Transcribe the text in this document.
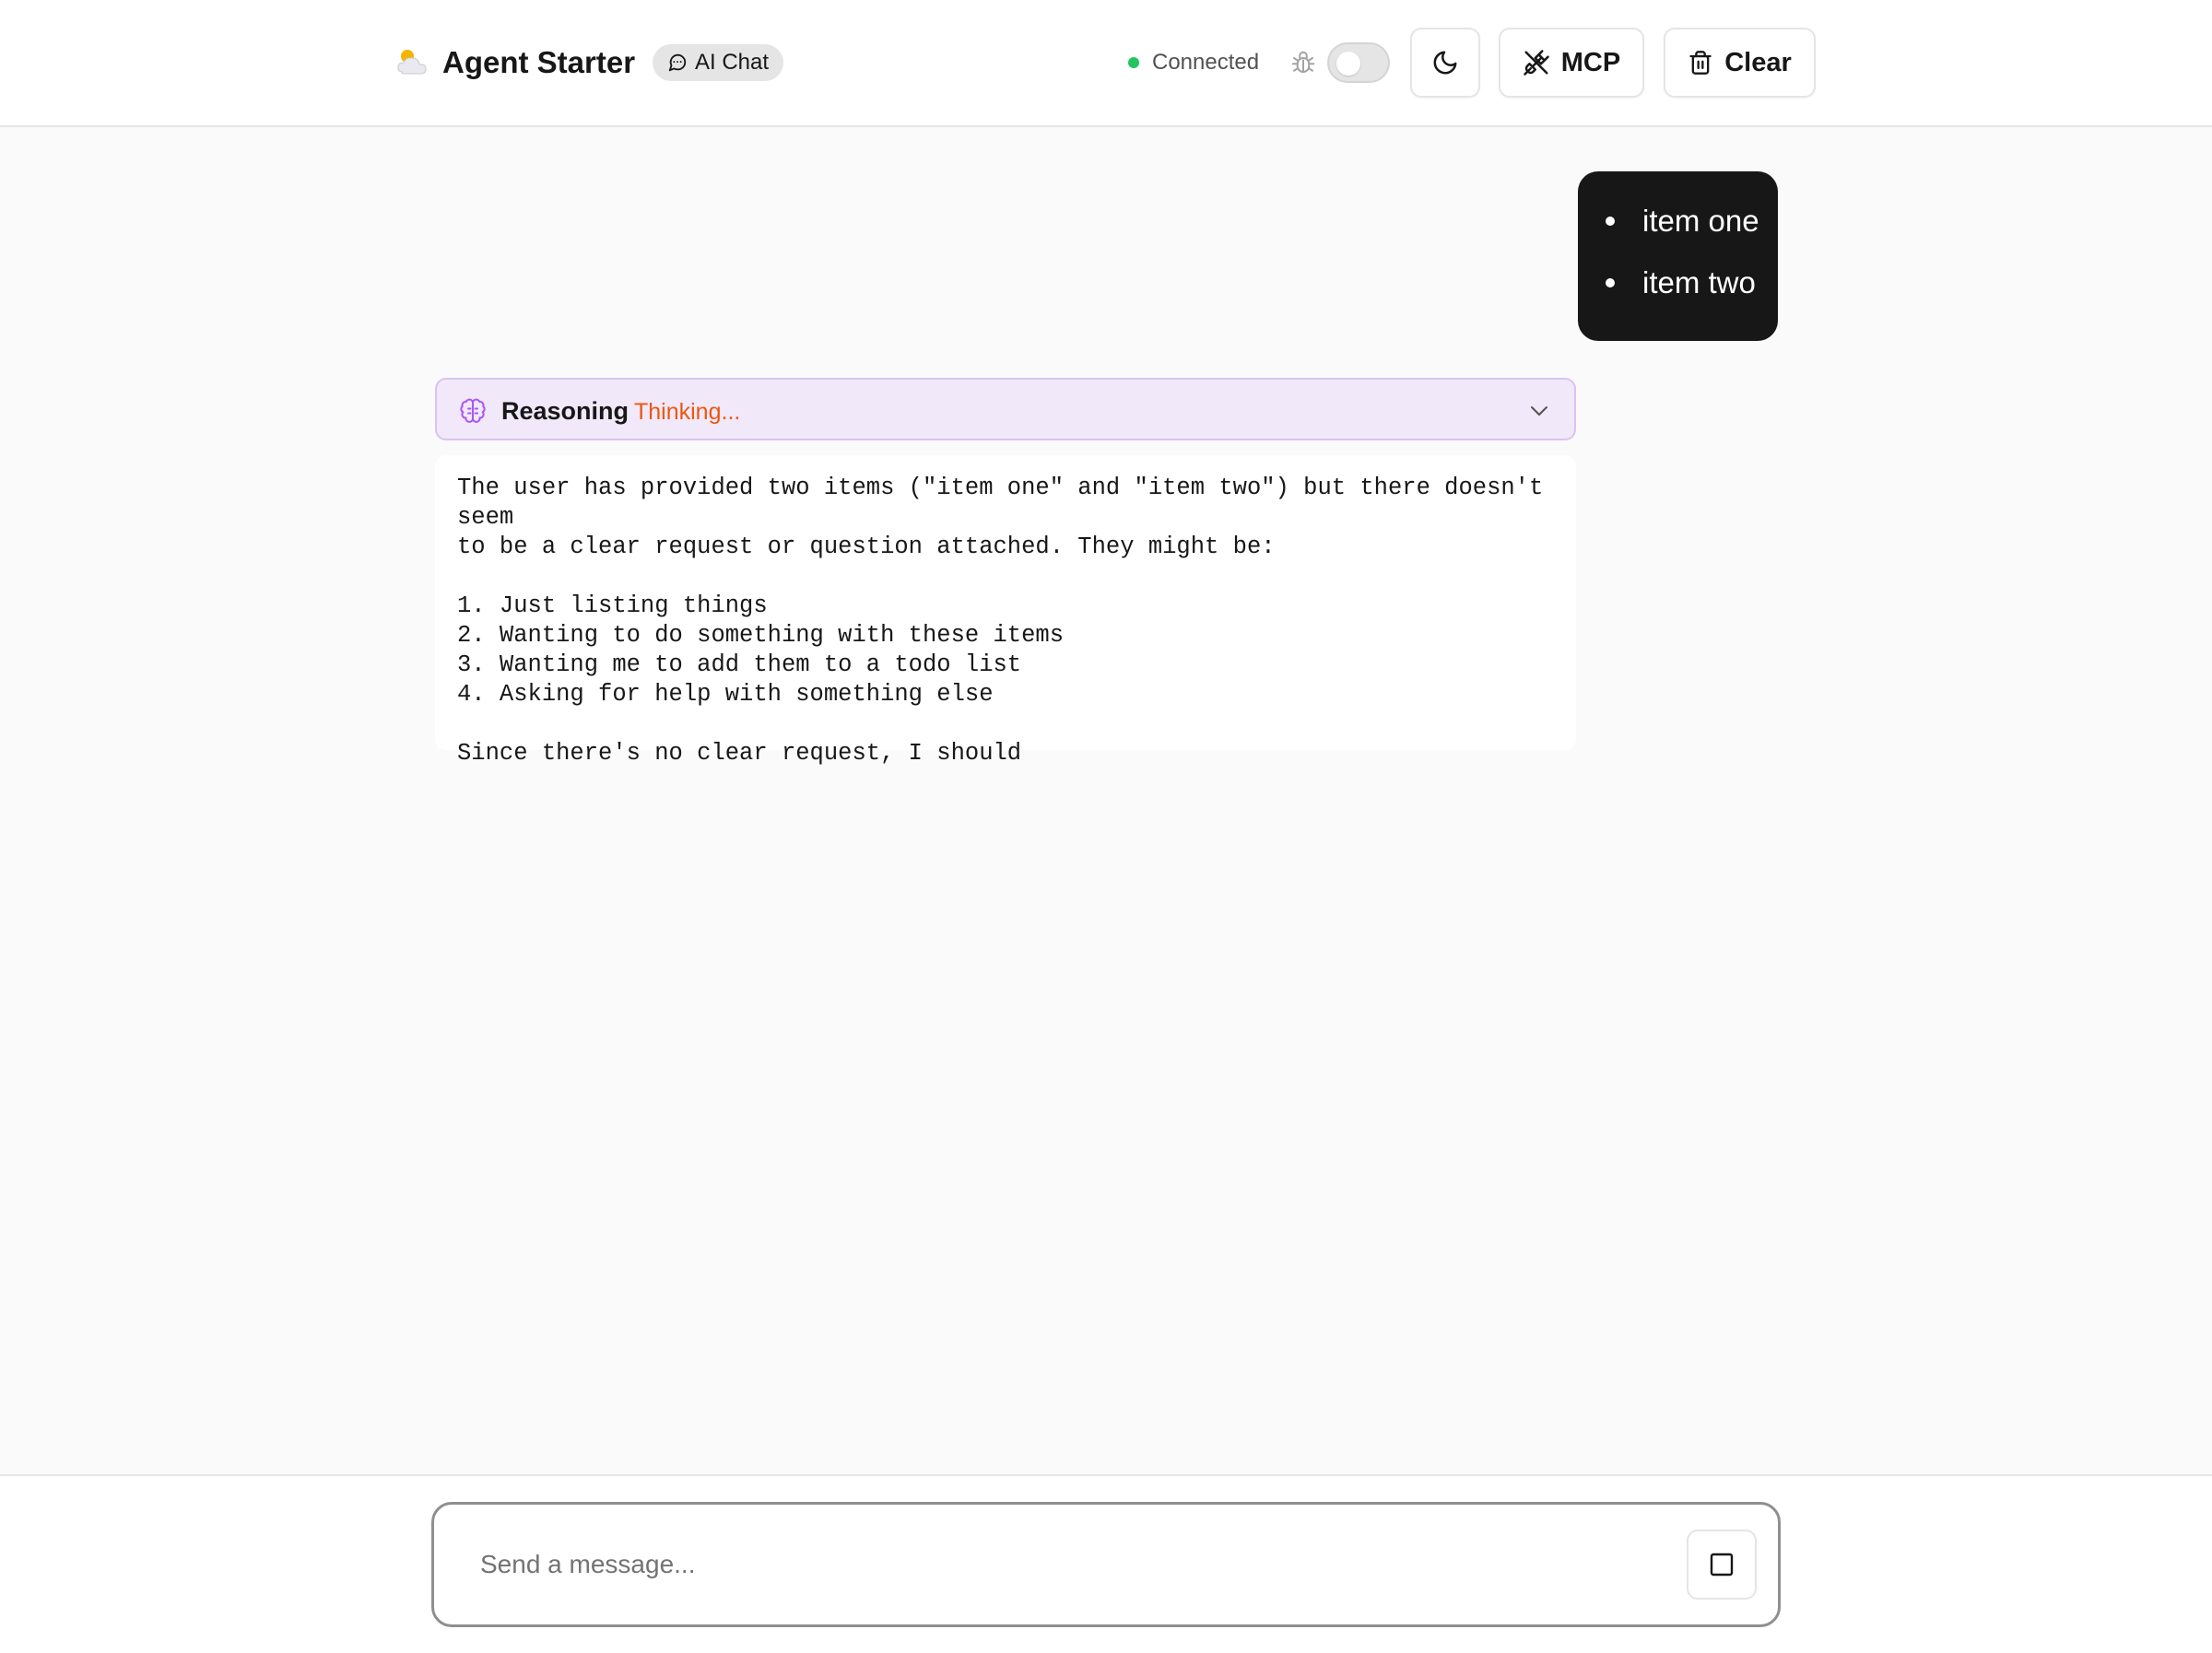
Agent Starter	AI Chat	Connected	MCP	Clear
item one
item two
Reasoning Thinking...
The user has provided two items ("item one" and "item two") but there doesn't seem
to be a clear request or question attached. They might be:

1. Just listing things
2. Wanting to do something with these items
3. Wanting me to add them to a todo list
4. Asking for help with something else

Since there's no clear request, I should
Send a message...
